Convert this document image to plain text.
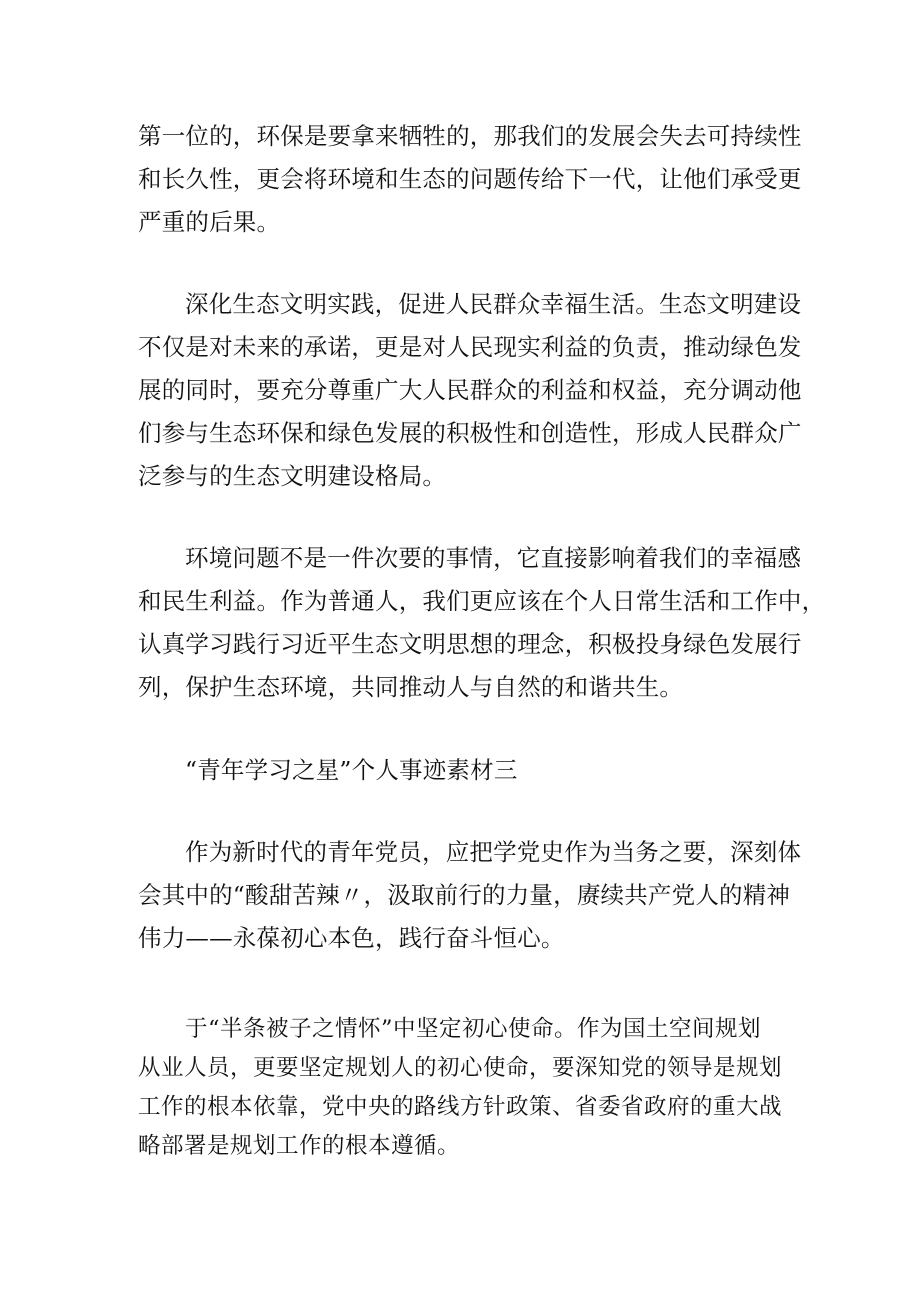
第一位的，环保是要拿来牺牲的，那我们的发展会失去可持续性
和长久性，更会将环境和生态的问题传给下一代，让他们承受更
严重的后果。
深化生态文明实践，促进人民群众幸福生活。生态文明建设
不仅是对未来的承诺，更是对人民现实利益的负责，推动绿色发
展的同时，要充分尊重广大人民群众的利益和权益，充分调动他
们参与生态环保和绿色发展的积极性和创造性，形成人民群众广
泛参与的生态文明建设格局。
环境问题不是一件次要的事情，它直接影响着我们的幸福感
和民生利益。作为普通人，我们更应该在个人日常生活和工作中，
认真学习践行习近平生态文明思想的理念，积极投身绿色发展行
列，保护生态环境，共同推动人与自然的和谐共生。
“青年学习之星”个人事迹素材三
作为新时代的青年党员，应把学党史作为当务之要，深刻体
会其中的“酸甜苦辣〃，汲取前行的力量，赓续共产党人的精神
伟力——永葆初心本色，践行奋斗恒心。
于“半条被子之情怀”中坚定初心使命。作为国土空间规划
从业人员，更要坚定规划人的初心使命，要深知党的领导是规划
工作的根本依靠，党中央的路线方针政策、省委省政府的重大战
略部署是规划工作的根本遵循。
